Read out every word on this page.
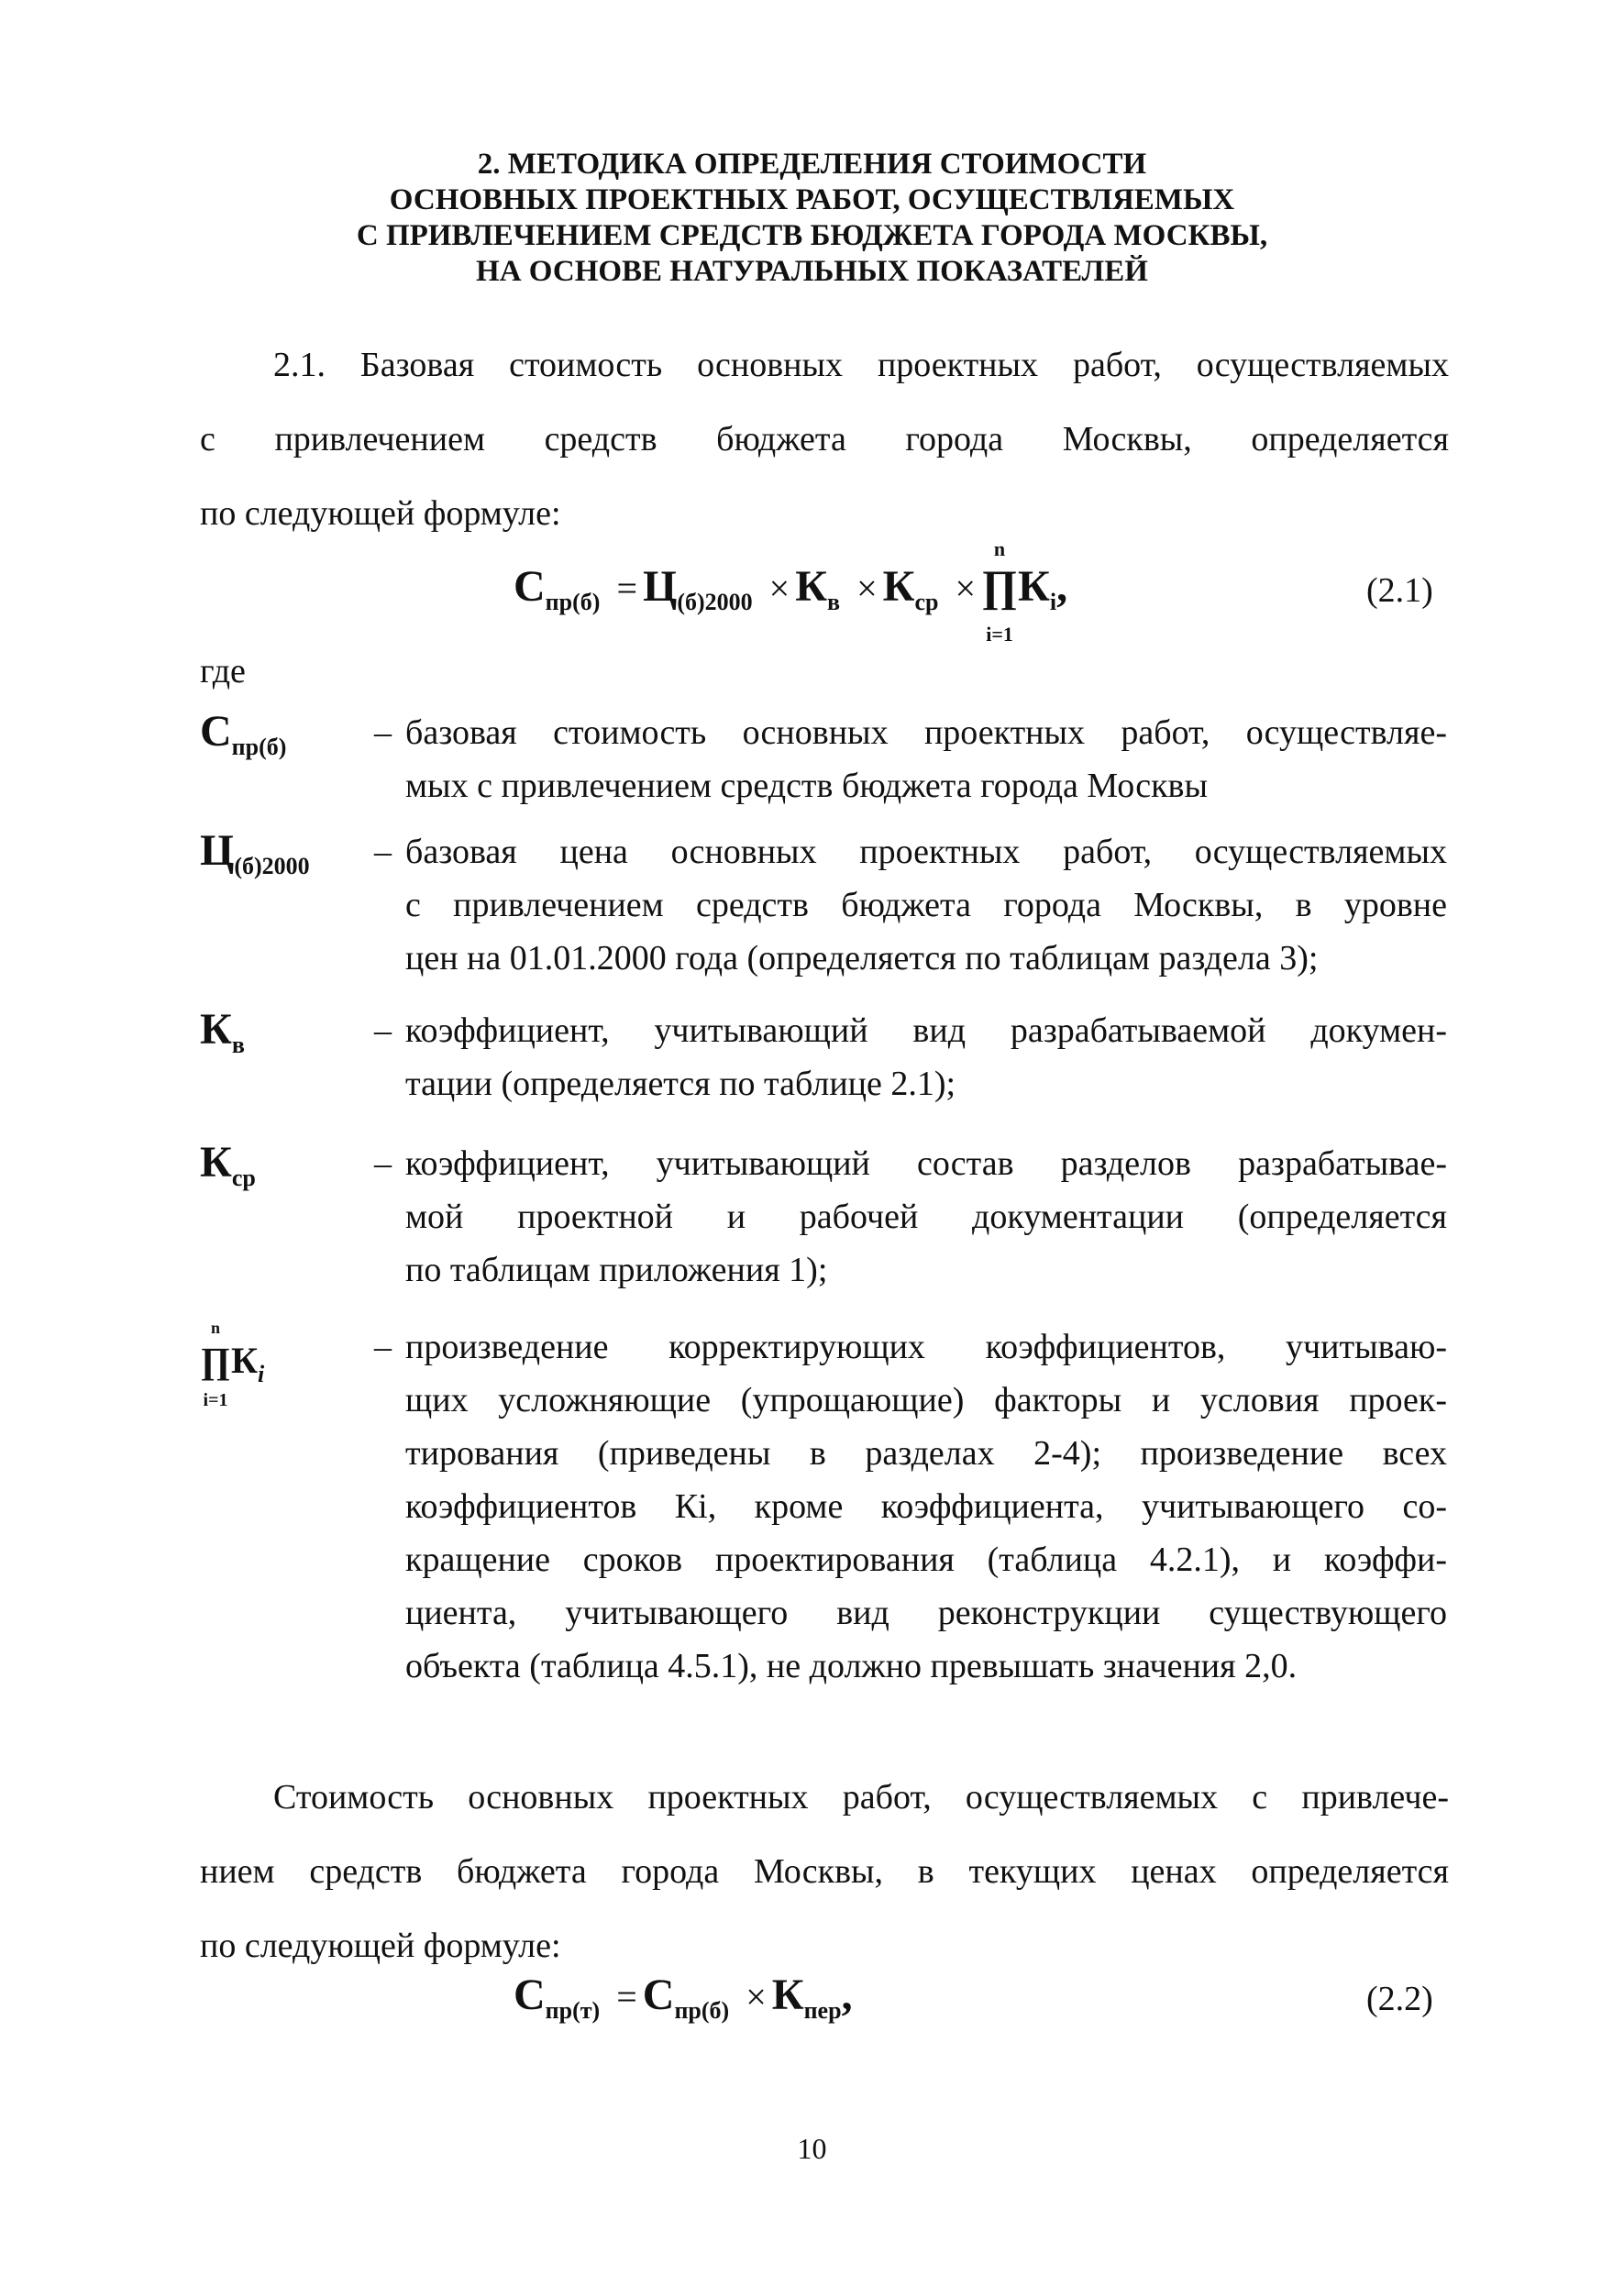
2. МЕТОДИКА ОПРЕДЕЛЕНИЯ СТОИМОСТИ
ОСНОВНЫХ ПРОЕКТНЫХ РАБОТ, ОСУЩЕСТВЛЯЕМЫХ
С ПРИВЛЕЧЕНИЕМ СРЕДСТВ БЮДЖЕТА ГОРОДА МОСКВЫ,
НА ОСНОВЕ НАТУРАЛЬНЫХ ПОКАЗАТЕЛЕЙ
2.1. Базовая стоимость основных проектных работ, осуществляемых
с привлечением средств бюджета города Москвы, определяется
по следующей формуле:
$С_{пр(б)} = Ц_{(б)2000} \times К_в \times К_{ср}$ ×
n
∏
i=1
$К_i$,	(2.1)
где
$С_{пр(б)}$	– базовая стоимость основных проектных работ, осуществляе-
мых с привлечением средств бюджета города Москвы
$Ц_{(б)2000}$ – базовая цена основных проектных работ, осуществляемых
с привлечением средств бюджета города Москвы, в уровне
цен на 01.01.2000 года (определяется по таблицам раздела 3);
$К_в$	– коэффициент, учитывающий вид разрабатываемой докумен-
тации (определяется по таблице 2.1);
$К_{ср}$	– коэффициент, учитывающий состав разделов разрабатывае-
мой проектной и рабочей документации (определяется
по таблицам приложения 1);
n
∏
i=1
$К_i$
– произведение корректирующих коэффициентов, учитываю-
щих усложняющие (упрощающие) факторы и условия проек-
тирования (приведены в разделах 2-4); произведение всех
коэффициентов Кi, кроме коэффициента, учитывающего со-
кращение сроков проектирования (таблица 4.2.1), и коэффи-
циента, учитывающего вид реконструкции существующего
объекта (таблица 4.5.1), не должно превышать значения 2,0.
Стоимость основных проектных работ, осуществляемых с привлече-
нием средств бюджета города Москвы, в текущих ценах определяется
по следующей формуле:
$С_{пр(т)} = С_{пр(б)} \times К_{пер}$,	(2.2)
10
